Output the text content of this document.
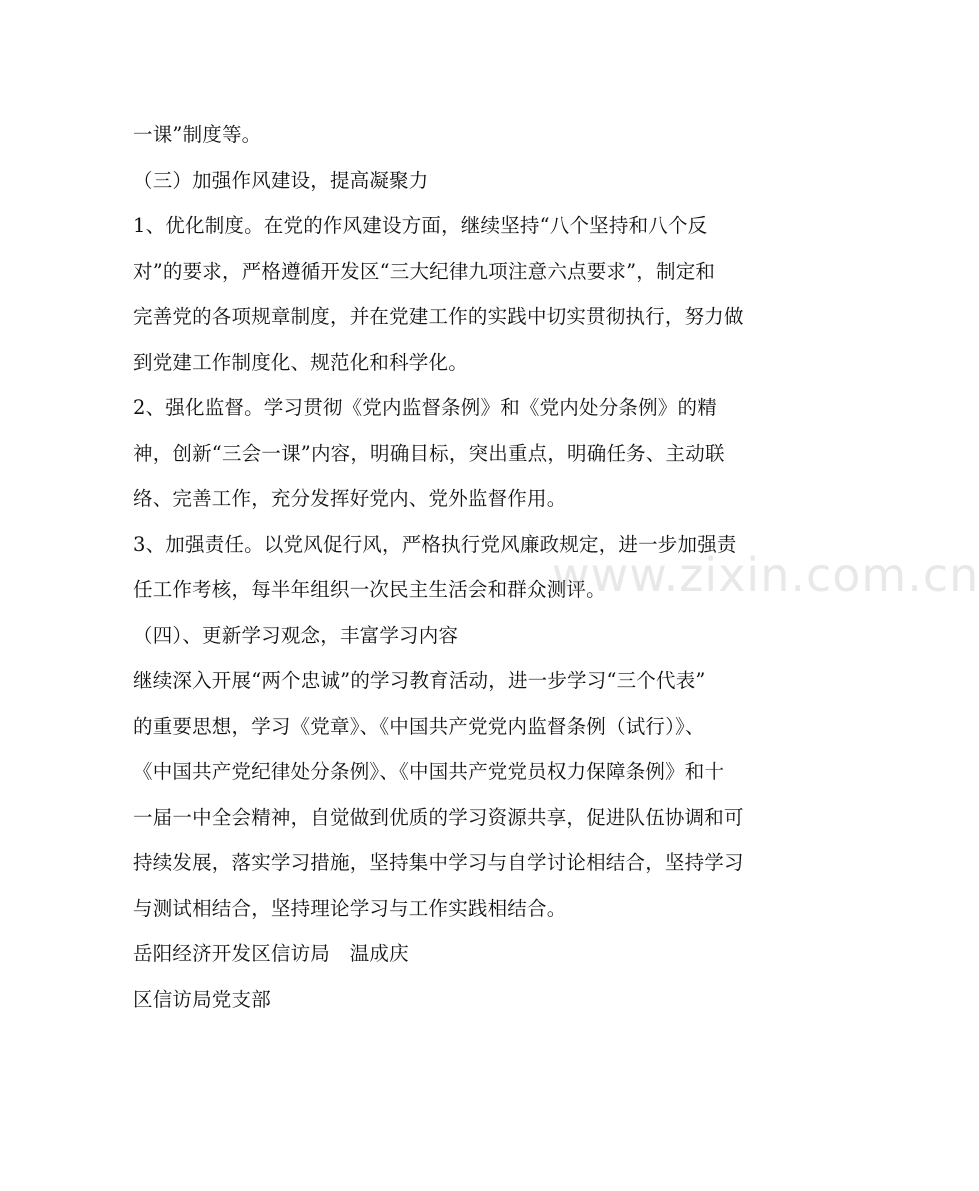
一课”制度等。
（三）加强作风建设，提高凝聚力
1、优化制度。在党的作风建设方面，继续坚持“八个坚持和八个反
对”的要求，严格遵循开发区“三大纪律九项注意六点要求”，制定和
完善党的各项规章制度，并在党建工作的实践中切实贯彻执行，努力做
到党建工作制度化、规范化和科学化。
2、强化监督。学习贯彻《党内监督条例》和《党内处分条例》的精
神，创新“三会一课”内容，明确目标，突出重点，明确任务、主动联
络、完善工作，充分发挥好党内、党外监督作用。
3、加强责任。以党风促行风，严格执行党风廉政规定，进一步加强责
任工作考核，每半年组织一次民主生活会和群众测评。
（四）、更新学习观念，丰富学习内容
继续深入开展“两个忠诚”的学习教育活动，进一步学习“三个代表”
的重要思想，学习《党章》、《中国共产党党内监督条例（试行）》、
《中国共产党纪律处分条例》、《中国共产党党员权力保障条例》和十
一届一中全会精神，自觉做到优质的学习资源共享，促进队伍协调和可
持续发展，落实学习措施，坚持集中学习与自学讨论相结合，坚持学习
与测试相结合，坚持理论学习与工作实践相结合。
岳阳经济开发区信访局　温成庆
区信访局党支部
www.zixin.com.cn
